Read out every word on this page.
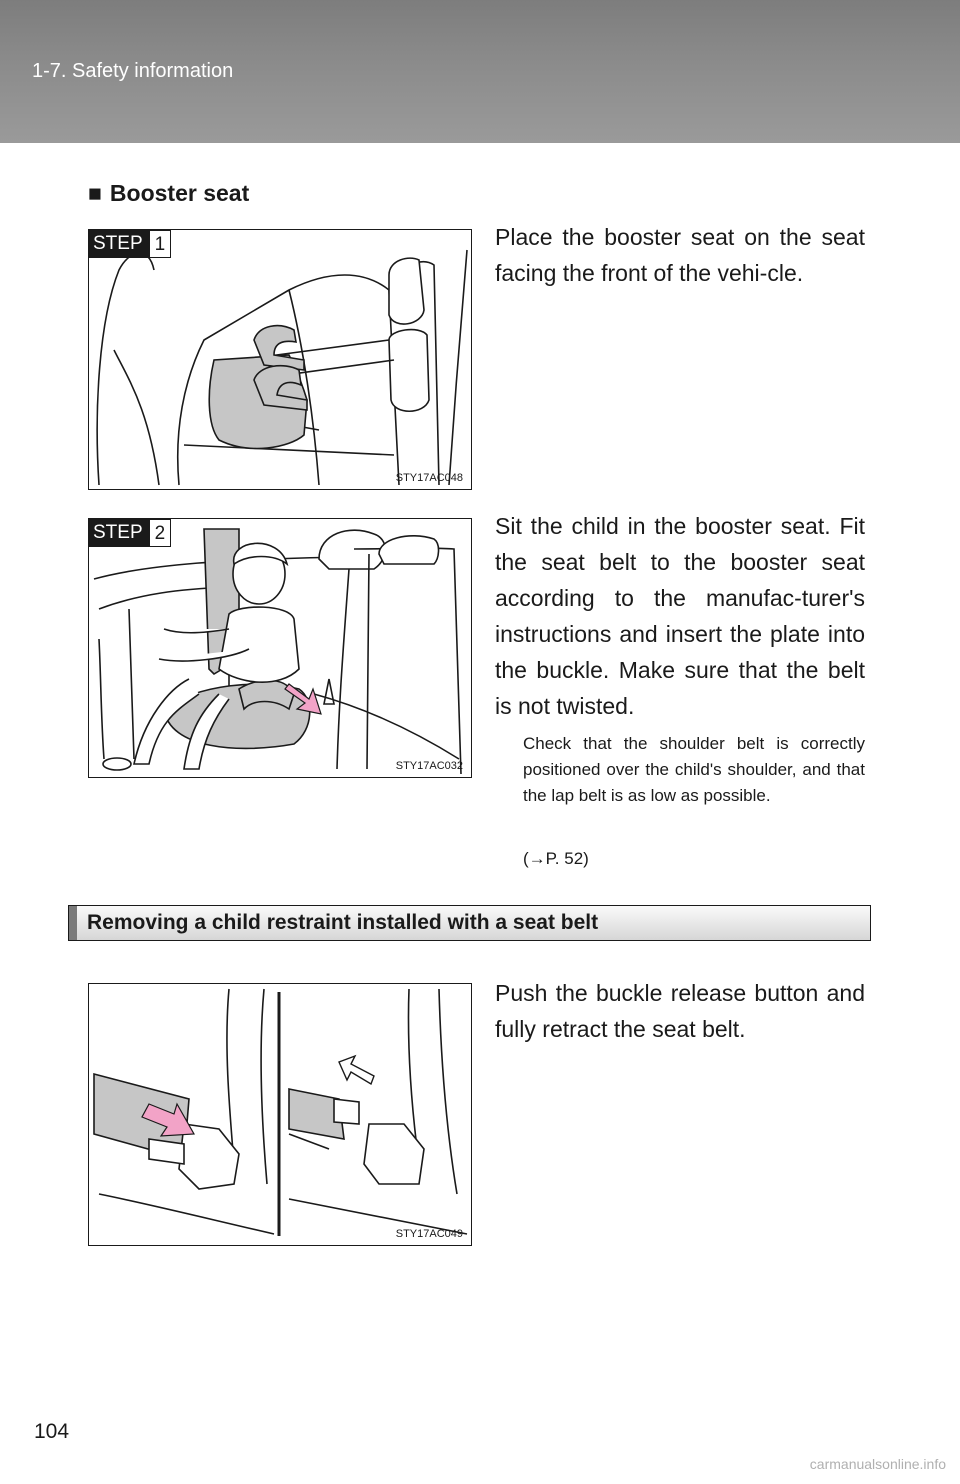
1-7. Safety information
■ Booster seat
STEP 1
STY17AC048
Place the booster seat on the seat facing the front of the vehi-cle.
STEP 2
STY17AC032
Sit the child in the booster seat. Fit the seat belt to the booster seat according to the manufac-turer's instructions and insert the plate into the buckle. Make sure that the belt is not twisted.
Check that the shoulder belt is correctly positioned over the child's shoulder, and that the lap belt is as low as possible.
(→P. 52)
Removing a child restraint installed with a seat belt
STY17AC049
Push the buckle release button and fully retract the seat belt.
104
carmanualsonline.info
